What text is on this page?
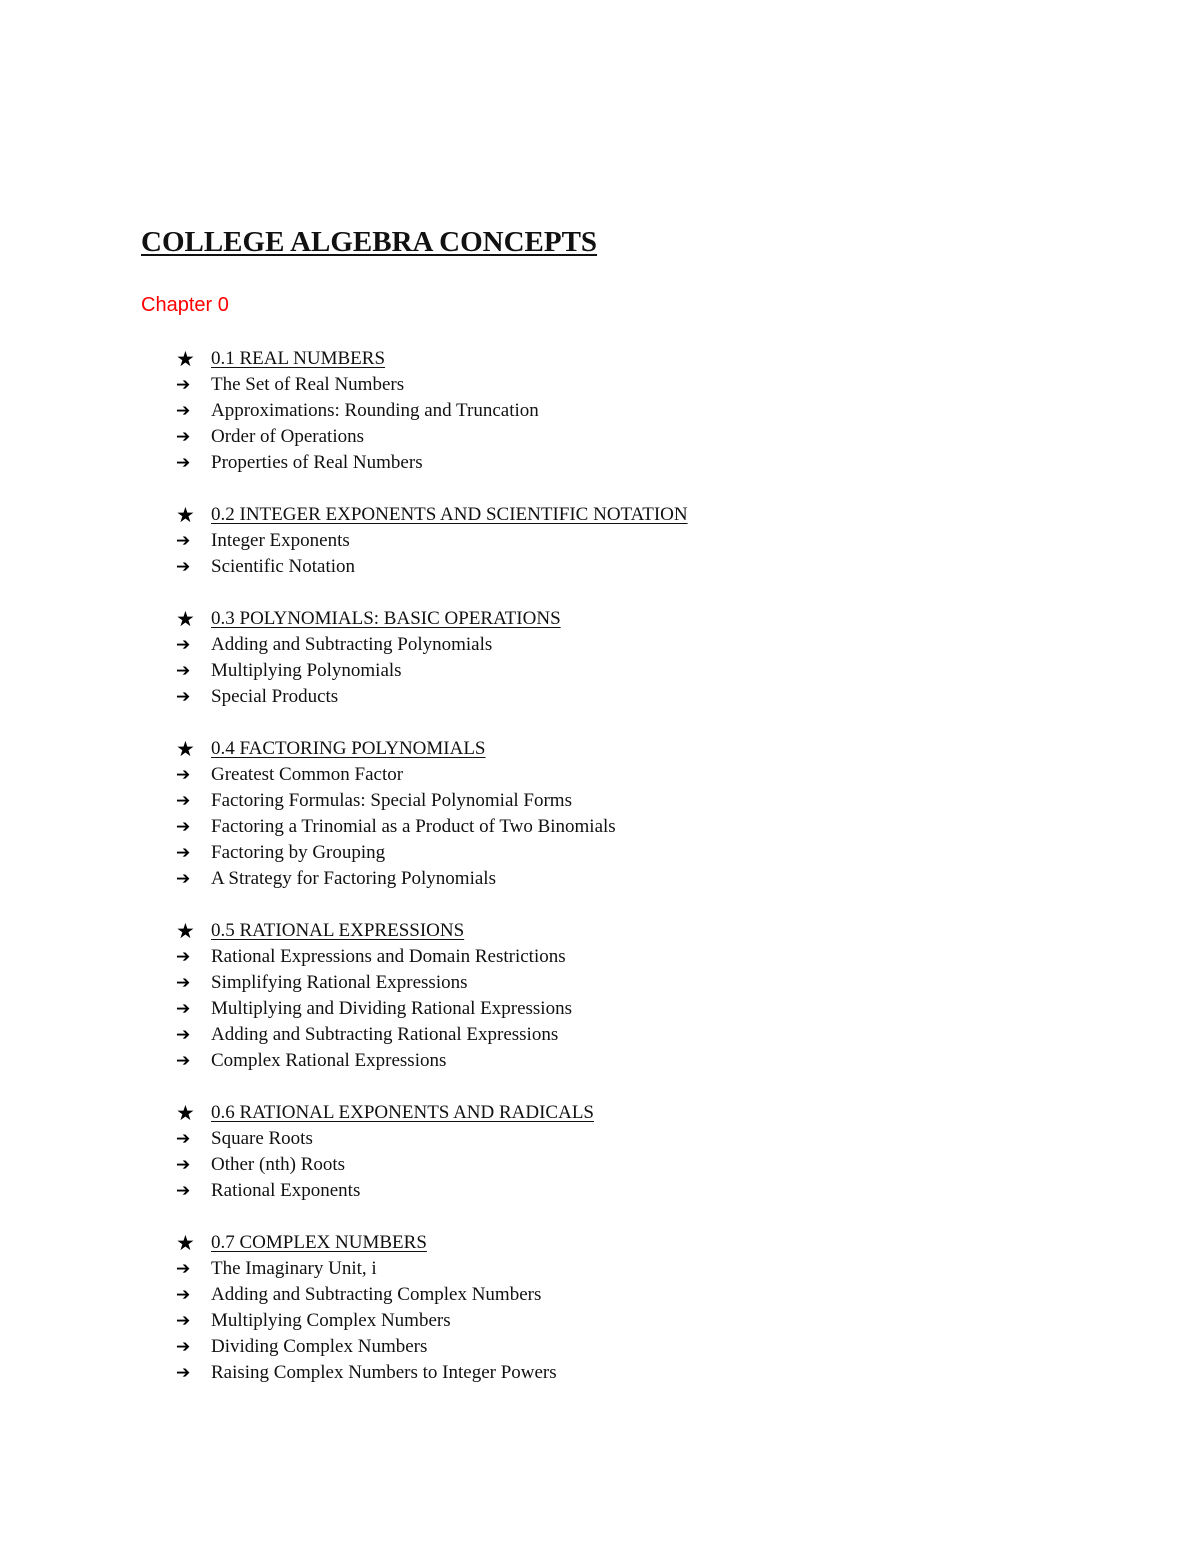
COLLEGE ALGEBRA CONCEPTS
Chapter 0
★ 0.1 REAL NUMBERS
➔	The Set of Real Numbers
➔	Approximations: Rounding and Truncation
➔	Order of Operations
➔	Properties of Real Numbers
★ 0.2 INTEGER EXPONENTS AND SCIENTIFIC NOTATION
➔	Integer Exponents
➔	Scientific Notation
★ 0.3 POLYNOMIALS: BASIC OPERATIONS
➔	Adding and Subtracting Polynomials
➔	Multiplying Polynomials
➔	Special Products
★ 0.4 FACTORING POLYNOMIALS
➔	Greatest Common Factor
➔	Factoring Formulas: Special Polynomial Forms
➔	Factoring a Trinomial as a Product of Two Binomials
➔	Factoring by Grouping
➔	A Strategy for Factoring Polynomials
★ 0.5 RATIONAL EXPRESSIONS
➔	Rational Expressions and Domain Restrictions
➔	Simplifying Rational Expressions
➔	Multiplying and Dividing Rational Expressions
➔	Adding and Subtracting Rational Expressions
➔	Complex Rational Expressions
★ 0.6 RATIONAL EXPONENTS AND RADICALS
➔	Square Roots
➔	Other (nth) Roots
➔	Rational Exponents
★ 0.7 COMPLEX NUMBERS
➔	The Imaginary Unit, i
➔	Adding and Subtracting Complex Numbers
➔	Multiplying Complex Numbers
➔	Dividing Complex Numbers
➔	Raising Complex Numbers to Integer Powers
